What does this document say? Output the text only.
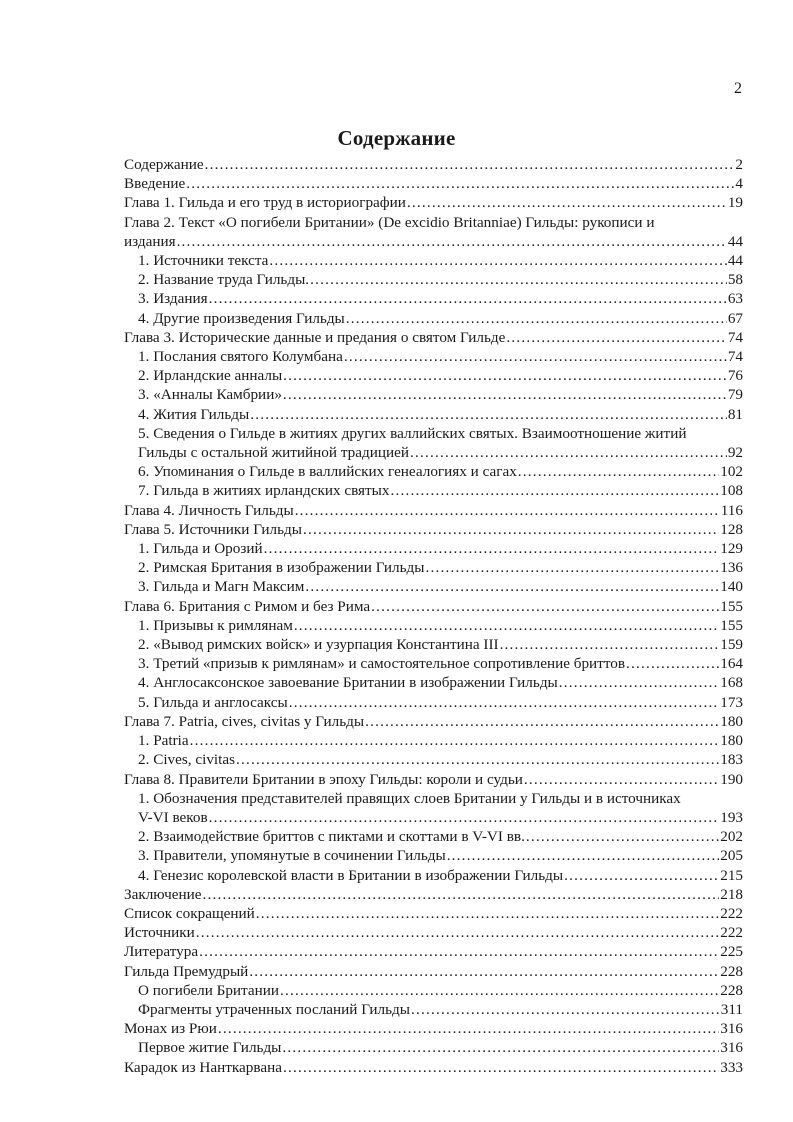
2
Содержание
Содержание .....	2
Введение .....	4
Глава 1. Гильда и его труд в историографии .....	19
Глава 2. Текст «О погибели Британии» (De excidio Britanniae) Гильды: рукописи и
издания .....	44
1. Источники текста .....	44
2. Название труда Гильды. .....	58
3. Издания .....	63
4. Другие произведения Гильды .....	67
Глава 3. Исторические данные и предания о святом Гильде .....	74
1. Послания святого Колумбана .....	74
2. Ирландские анналы .....	76
3. «Анналы Камбрии» .....	79
4. Жития Гильды .....	81
5. Сведения о Гильде в житиях других валлийских святых. Взаимоотношение житий
Гильды с остальной житийной традицией .....	92
6. Упоминания о Гильде в валлийских генеалогиях и сагах .....	102
7. Гильда в житиях ирландских святых .....	108
Глава 4. Личность Гильды .....	116
Глава 5. Источники Гильды .....	128
1. Гильда и Орозий .....	129
2. Римская Британия в изображении Гильды .....	136
3. Гильда и Магн Максим .....	140
Глава 6. Британия с Римом и без Рима .....	155
1. Призывы к римлянам .....	155
2. «Вывод римских войск» и узурпация Константина III .....	159
3. Третий «призыв к римлянам» и самостоятельное сопротивление бриттов .....	164
4. Англосаксонское завоевание Британии в изображении Гильды .....	168
5. Гильда и англосаксы .....	173
Глава 7. Patria, cives, civitas у Гильды .....	180
1. Patria .....	180
2. Cives, civitas .....	183
Глава 8. Правители Британии в эпоху Гильды: короли и судьи .....	190
1. Обозначения представителей правящих слоев Британии у Гильды и в источниках
V-VI веков .....	193
2. Взаимодействие бриттов с пиктами и скоттами в V-VI вв. .....	202
3. Правители, упомянутые в сочинении Гильды .....	205
4. Генезис королевской власти в Британии в изображении Гильды .....	215
Заключение .....	218
Список сокращений .....	222
Источники .....	222
Литература .....	225
Гильда Премудрый .....	228
О погибели Британии .....	228
Фрагменты утраченных посланий Гильды .....	311
Монах из Рюи .....	316
Первое житие Гильды .....	316
Карадок из Нанткарвана .....	333
